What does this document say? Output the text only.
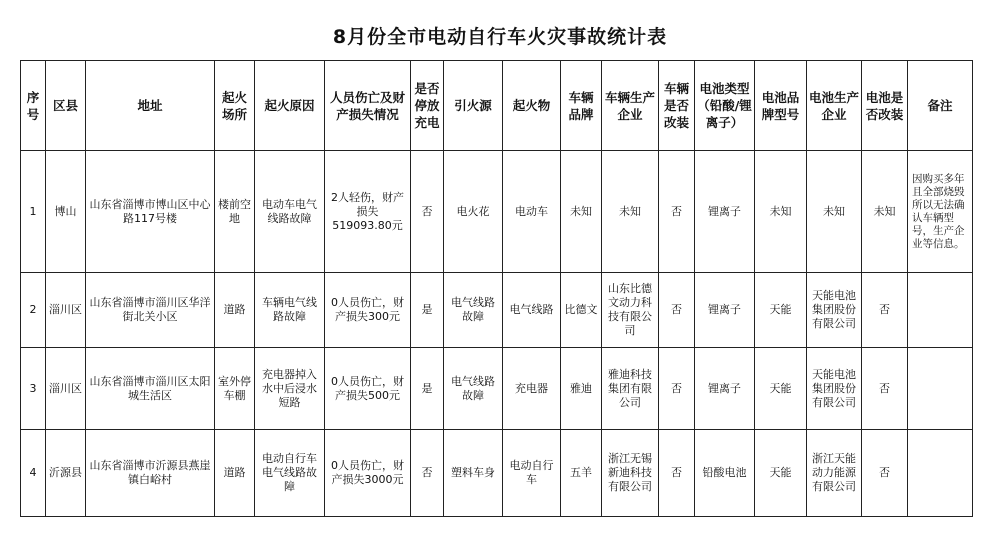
8月份全市电动自行车火灾事故统计表
序号	区县	地址	起火场所	起火原因	人员伤亡及财产损失情况	是否停放充电	引火源	起火物	车辆品牌	车辆生产企业	车辆是否改装	电池类型（铅酸/锂离子）	电池品牌型号	电池生产企业	电池是否改装	备注
1	博山	山东省淄博市博山区中心路117号楼	楼前空地	电动车电气线路故障	2人轻伤，财产损失519093.80元	否	电火花	电动车	未知	未知	否	锂离子	未知	未知	未知	因购买多年且全部烧毁所以无法确认车辆型号，生产企业等信息。
2	淄川区	山东省淄博市淄川区华洋街北关小区	道路	车辆电气线路故障	0人员伤亡，财产损失300元	是	电气线路故障	电气线路	比德文	山东比德文动力科技有限公司	否	锂离子	天能	天能电池集团股份有限公司	否	
3	淄川区	山东省淄博市淄川区太阳城生活区	室外停车棚	充电器掉入水中后浸水短路	0人员伤亡，财产损失500元	是	电气线路故障	充电器	雅迪	雅迪科技集团有限公司	否	锂离子	天能	天能电池集团股份有限公司	否	
4	沂源县	山东省淄博市沂源县燕崖镇白峪村	道路	电动自行车电气线路故障	0人员伤亡，财产损失3000元	否	塑料车身	电动自行车	五羊	浙江无锡新迪科技有限公司	否	铅酸电池	天能	浙江天能动力能源有限公司	否	
